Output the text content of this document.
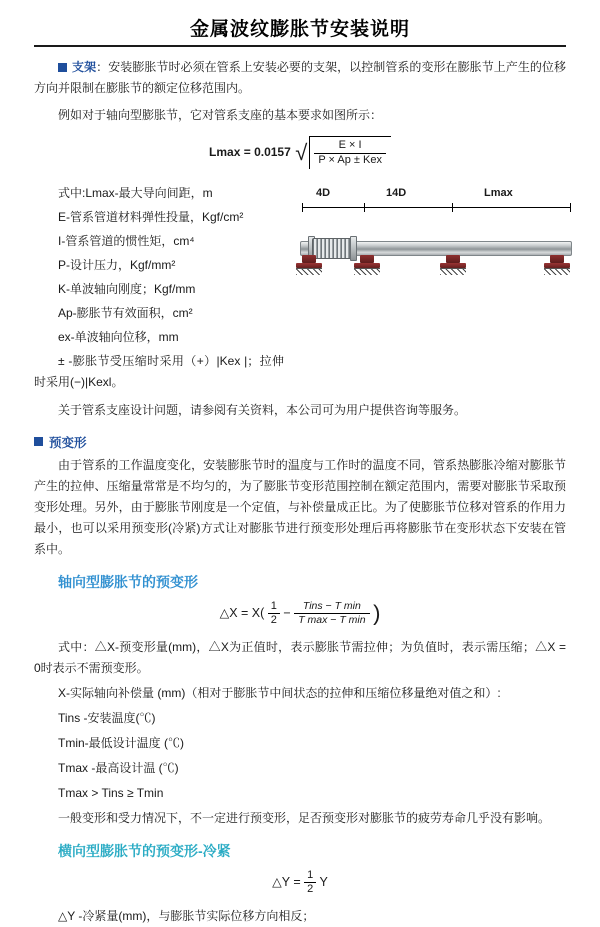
金属波纹膨胀节安装说明

支架：安装膨胀节时必须在管系上安装必要的支架，以控制管系的变形在膨胀节上产生的位移方向并限制在膨胀节的额定位移范围内。

例如对于轴向型膨胀节，它对管系支座的基本要求如图所示：

Lmax = 0.0157 √ $\frac{E \times I}{\text{P × Ap ± Kex}}$

式中:Lmax-最大导向间距，m

E-管系管道材料弹性投量，Kgf/cm²

I-管系管道的惯性矩，cm⁴

P-设计压力，Kgf/mm²

K-单波轴向刚度；Kgf/mm

Ap-膨胀节有效面积，cm²

ex-单波轴向位移，mm

± -膨胀节受压缩时采用（+）|Kex |；拉伸时采用(−)|Kexl。

4D	14D	Lmax

关于管系支座设计问题，请参阅有关资料，本公司可为用户提供咨询等服务。

预变形

由于管系的工作温度变化，安装膨胀节时的温度与工作时的温度不同，管系热膨胀冷缩对膨胀节产生的拉伸、压缩量常常是不均匀的，为了膨胀节变形范围控制在额定范围内，需要对膨胀节采取预变形处理。另外，由于膨胀节刚度是一个定值，与补偿量成正比。为了使膨胀节位移对管系的作用力最小，也可以采用预变形(冷紧)方式让对膨胀节进行预变形处理后再将膨胀节在变形状态下安装在管系中。

轴向型膨胀节的预变形
△X = $X( \frac{1}{2} - \frac{\text{Tins − T min}}{\text{T max − T min}}$ )

式中：△X-预变形量(mm)，△X为正值时，表示膨胀节需拉伸；为负值时，表示需压缩；△X = 0时表示不需预变形。

X-实际轴向补偿量 (mm)（相对于膨胀节中间状态的拉伸和压缩位移量绝对值之和）:

Tins -安装温度(℃)

Tmin-最低设计温度 (℃)

Tmax -最高设计温 (℃)

Tmax > Tins ≥ Tmin

一般变形和受力情况下，不一定进行预变形，足否预变形对膨胀节的疲劳寿命几乎没有影响。

横向型膨胀节的预变形-冷紧
△Y = $\frac{1}{2}$ Y

△Y -冷紧量(mm)，与膨胀节实际位移方向相反；
